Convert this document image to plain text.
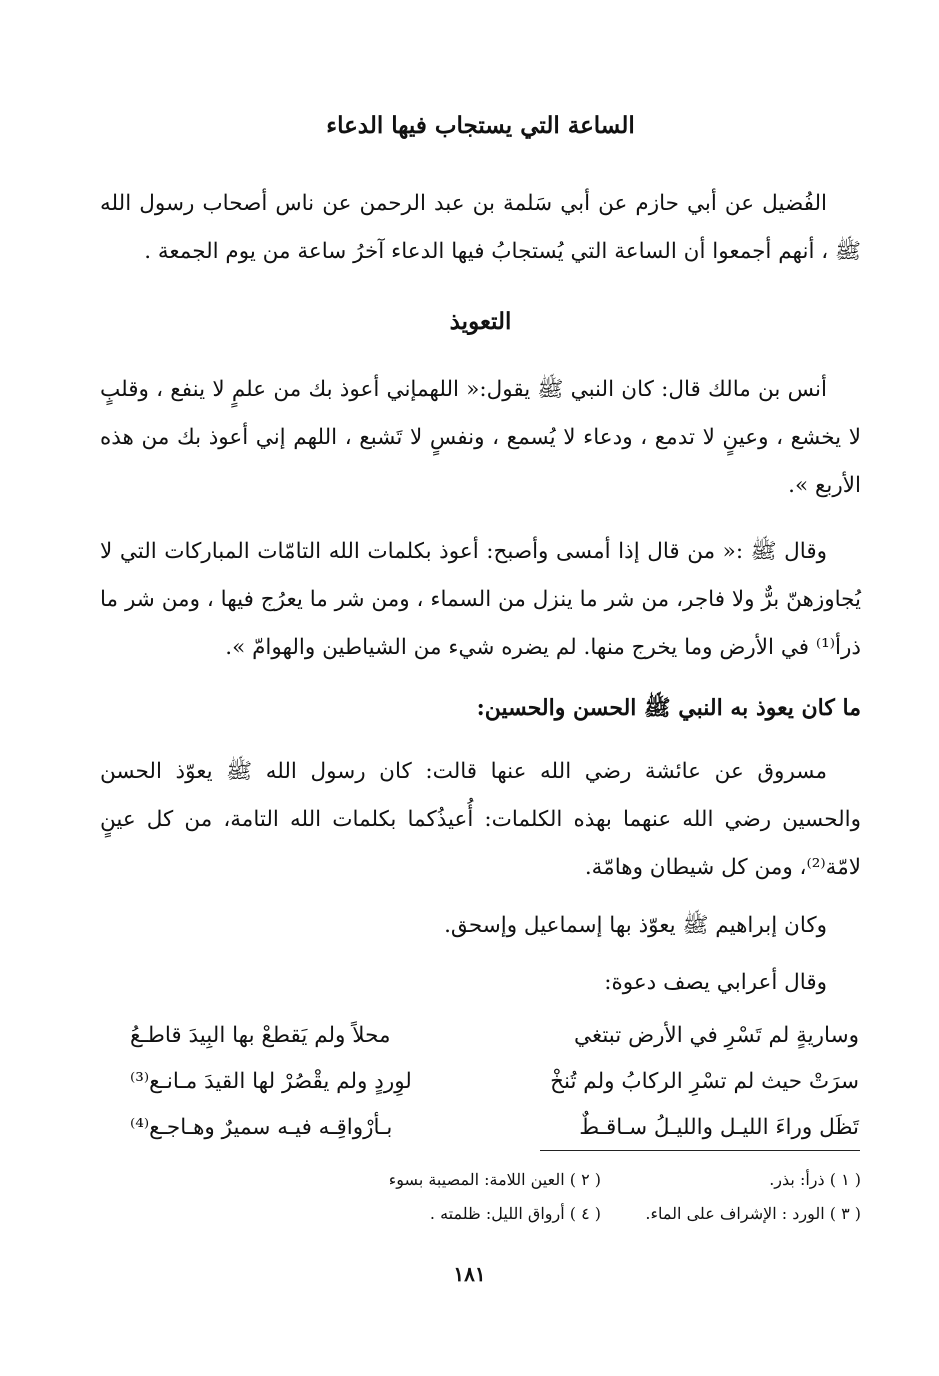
الساعة التي يستجاب فيها الدعاء

الفُضيل عن أبي حازم عن أبي سَلمة بن عبد الرحمن عن ناس أصحاب رسول الله ﷺ ، أنهم أجمعوا أن الساعة التي يُستجابُ فيها الدعاء آخرُ ساعة من يوم الجمعة .

التعويذ

أنس بن مالك قال: كان النبي ﷺ يقول:« اللهمإني أعوذ بك من علمٍ لا ينفع ، وقلبٍ لا يخشع ، وعينٍ لا تدمع ، ودعاء لا يُسمع ، ونفسٍ لا تَشبع ، اللهم إني أعوذ بك من هذه الأربع ».

وقال ﷺ :« من قال إذا أمسى وأصبح: أعوذ بكلمات الله التامّات المباركات التي لا يُجاوزهنّ برٌّ ولا فاجر، من شر ما ينزل من السماء ، ومن شر ما يعرُج فيها ، ومن شر ما ذرأ⁽¹⁾ في الأرض وما يخرج منها. لم يضره شيء من الشياطين والهوامّ ».

ما كان يعوذ به النبي ﷺ الحسن والحسين:

مسروق عن عائشة رضي الله عنها قالت: كان رسول الله ﷺ يعوّذ الحسن والحسين رضي الله عنهما بهذه الكلمات: أُعيذُكما بكلمات الله التامة، من كل عينٍ لامّة⁽²⁾، ومن كل شيطان وهامّة.

وكان إبراهيم ﷺ يعوّذ بها إسماعيل وإسحق.
وقال أعرابي يصف دعوة:
وساريةٍ لم تَسْرِ في الأرض تبتغي
محلاً ولم يَقطعْ بها البِيدَ قاطـعُ
سرَتْ حيث لم تسْرِ الركابُ ولم تُنخْ
لوِردٍ ولم يقْصُرْ لها القيدَ مـانـع⁽³⁾
تَظَل وراءَ الليـل والليـلُ سـاقـطٌ
بـأرْواقِـه فيـه سميرٌ وهـاجـع⁽⁴⁾
( ١ ) ذرأ: بذر.
( ٢ ) العين اللامة: المصيبة بسوء
( ٣ ) الورد : الإشراف على الماء.
( ٤ ) أرواق الليل: ظلمته .
١٨١
